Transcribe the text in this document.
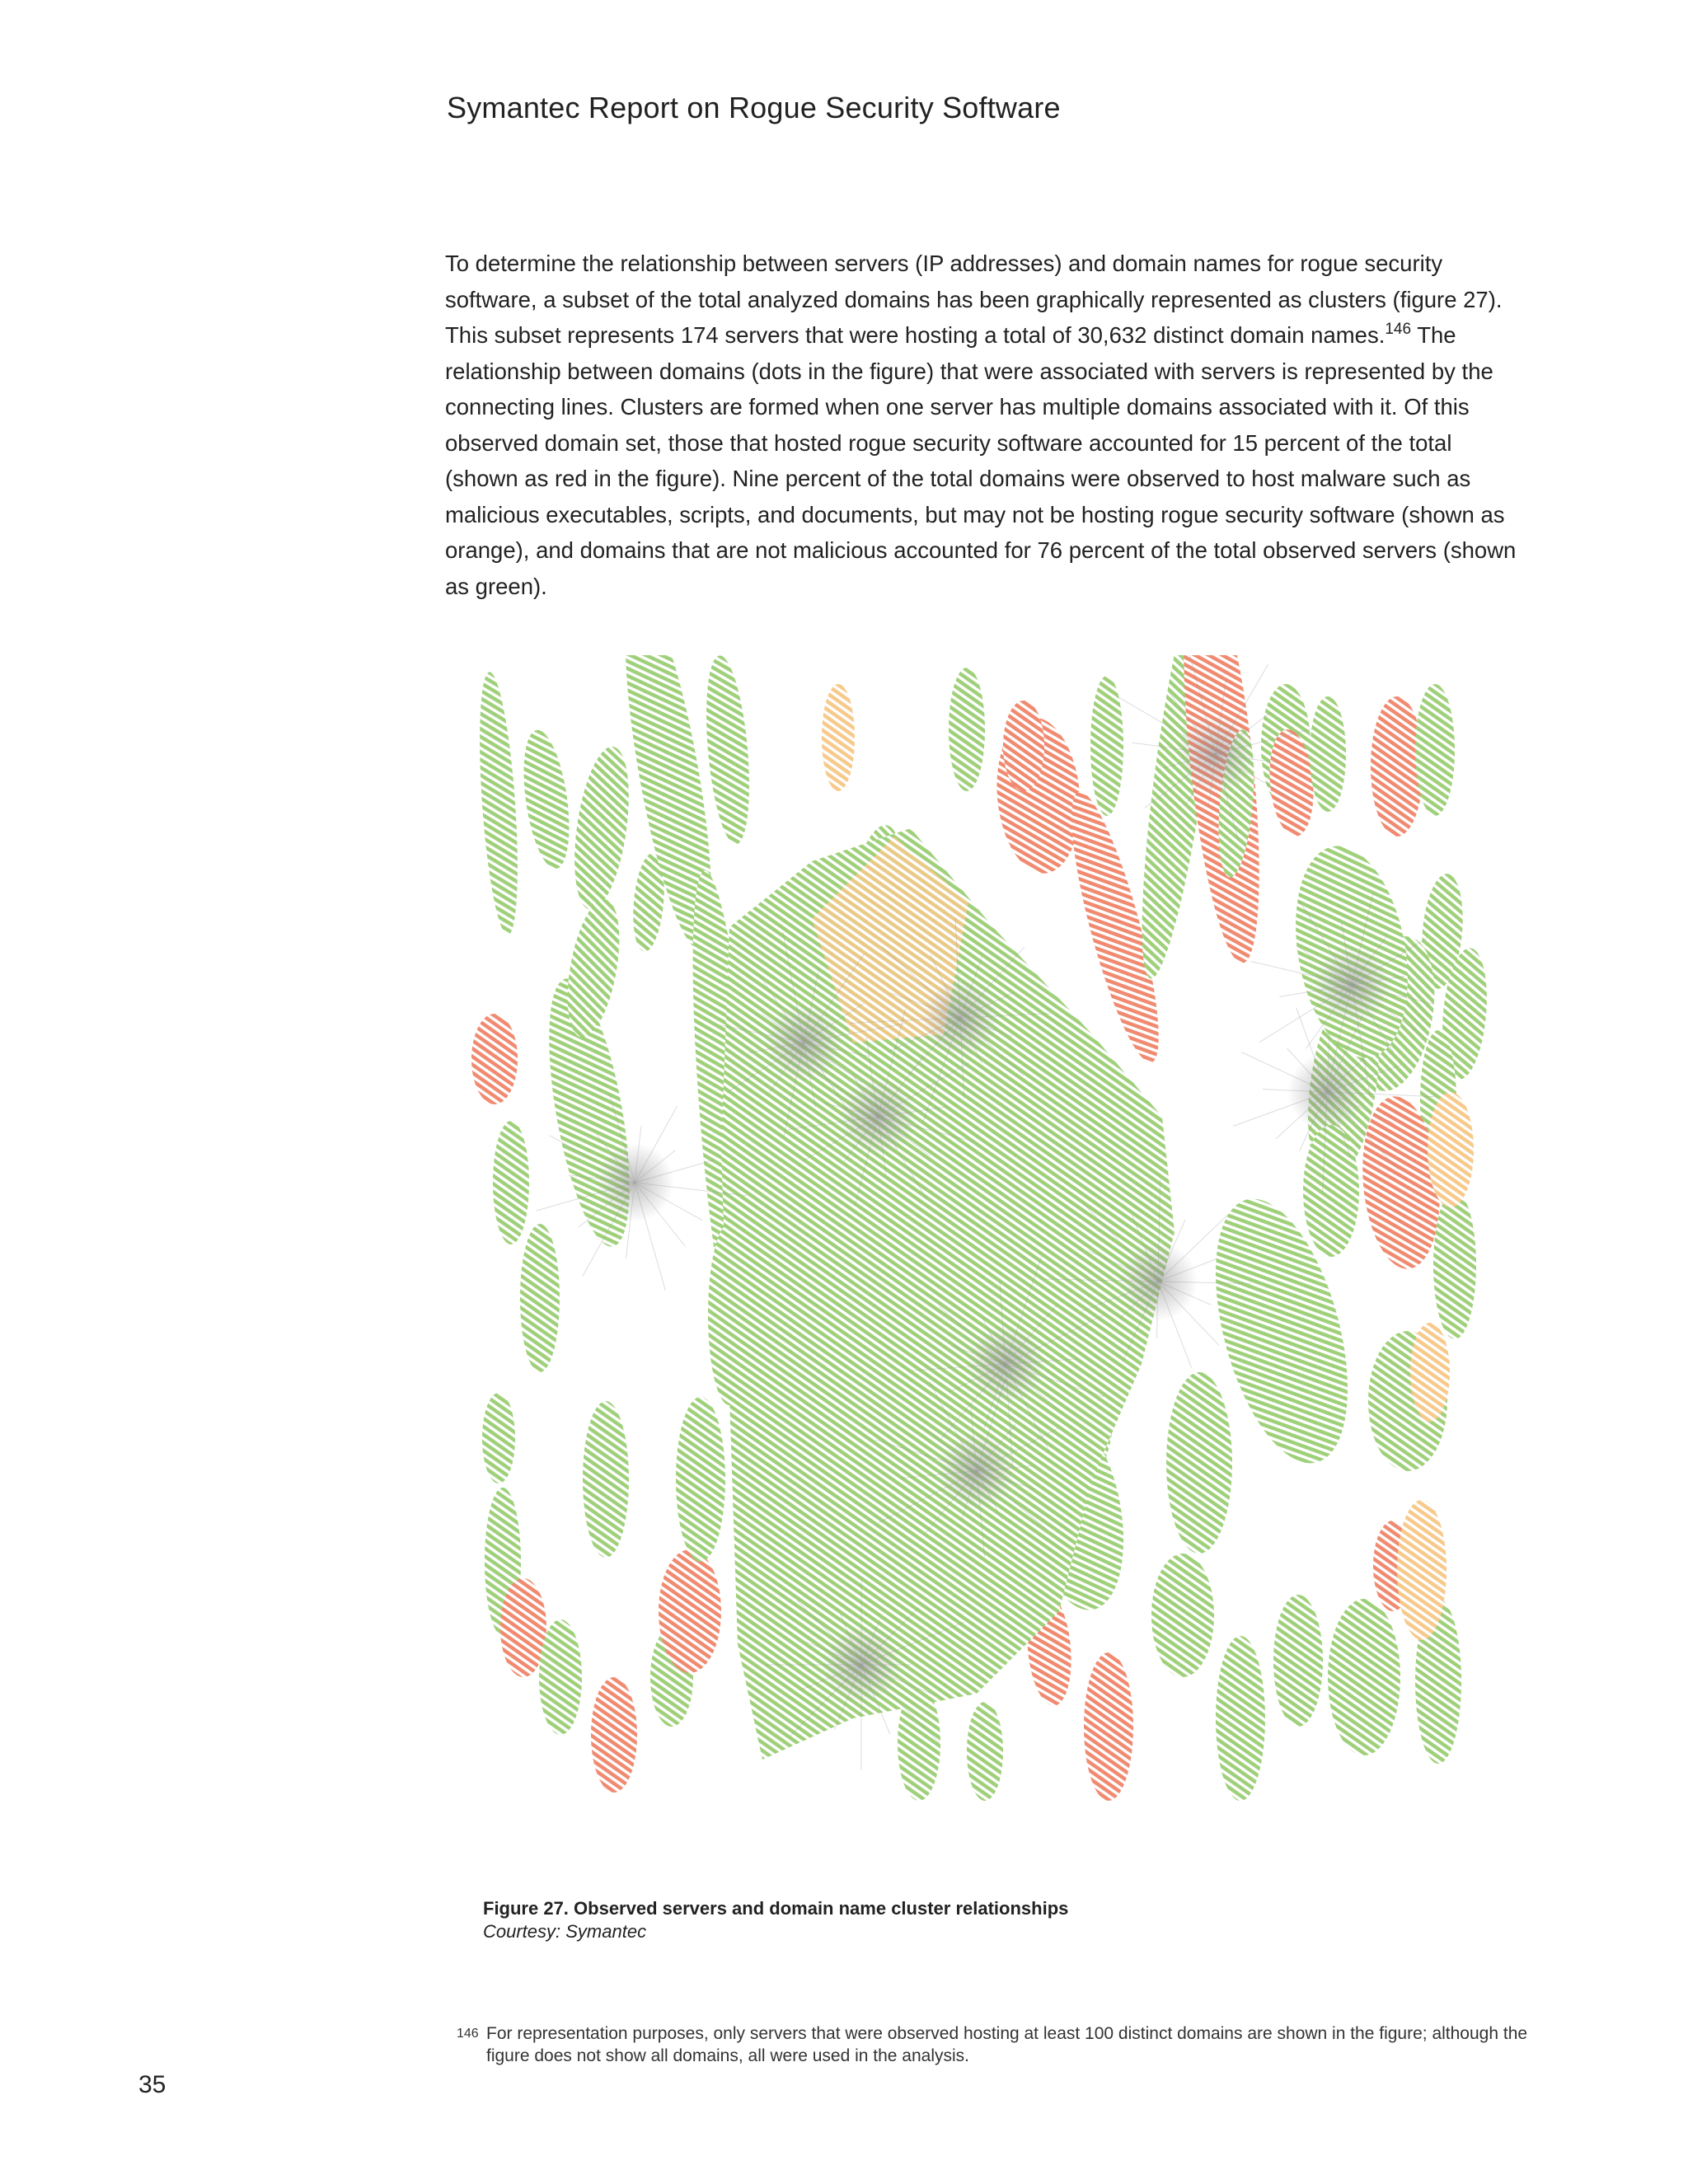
Symantec Report on Rogue Security Software

To determine the relationship between servers (IP addresses) and domain names for rogue security software, a subset of the total analyzed domains has been graphically represented as clusters (figure 27). This subset represents 174 servers that were hosting a total of 30,632 distinct domain names.$^{146}$ The relationship between domains (dots in the figure) that were associated with servers is represented by the connecting lines. Clusters are formed when one server has multiple domains associated with it. Of this observed domain set, those that hosted rogue security software accounted for 15 percent of the total (shown as red in the figure). Nine percent of the total domains were observed to host malware such as malicious executables, scripts, and documents, but may not be hosting rogue security software (shown as orange), and domains that are not malicious accounted for 76 percent of the total observed servers (shown as green).

Figure 27. Observed servers and domain name cluster relationships
Courtesy: Symantec
146 For representation purposes, only servers that were observed hosting at least 100 distinct domains are shown in the figure; although the figure does not show all domains, all were used in the analysis.
35
